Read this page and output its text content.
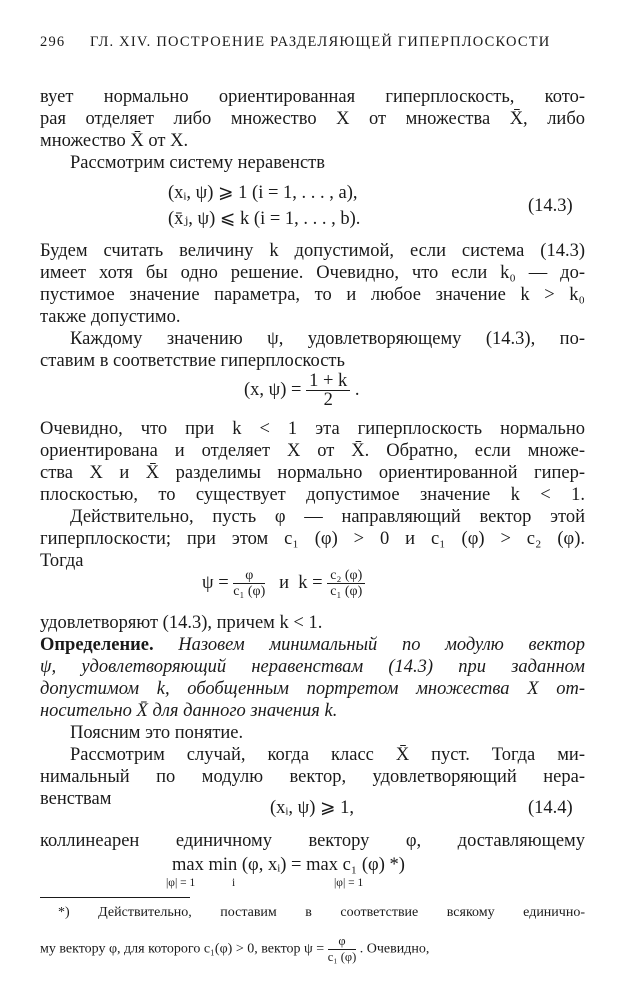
296 ГЛ. XIV. ПОСТРОЕНИЕ РАЗДЕЛЯЮЩЕЙ ГИПЕРПЛОСКОСТИ
вует нормально ориентированная гиперплоскость, кото-
рая отделяет либо множество X от множества X̄, либо
множество X̄ от X.
Рассмотрим систему неравенств
(xᵢ, ψ) ⩾ 1 (i = 1, . . . , a),
(x̄ⱼ, ψ) ⩽ k (i = 1, . . . , b).
(14.3)
Будем считать величину k допустимой, если система (14.3)
имеет хотя бы одно решение. Очевидно, что если k₀ — до-
пустимое значение параметра, то и любое значение k > k₀
также допустимо.
Каждому значению ψ, удовлетворяющему (14.3), по-
ставим в соответствие гиперплоскость
(x, $\psi) = \frac{1 + k}{2}$ .
Очевидно, что при k < 1 эта гиперплоскость нормально
ориентирована и отделяет X от X̄. Обратно, если множе-
ства X и X̄ разделимы нормально ориентированной гипер-
плоскостью, то существует допустимое значение k < 1.
Действительно, пусть φ — направляющий вектор этой
гиперплоскости; при этом c₁ (φ) > 0 и c₁ (φ) > c₂ (φ).
Тогда
$\psi = \frac{\varphi}{\text{c₁ (φ)}}$ и $k = \frac{\text{c₂ (φ)}}{\text{c₁ (φ)}}$
удовлетворяют (14.3), причем k < 1.
Определение. Назовем минимальный по модулю вектор
ψ, удовлетворяющий неравенствам (14.3) при заданном
допустимом k, обобщенным портретом множества X от-
носительно X̄ для данного значения k.
Поясним это понятие.
Рассмотрим случай, когда класс X̄ пуст. Тогда ми-
нимальный по модулю вектор, удовлетворяющий нера-
венствам	(xᵢ, ψ) ⩾ 1,	(14.4)
коллинеарен единичному вектору φ, доставляющему
max min (φ, xᵢ) = max c₁ (φ) *)
|φ| = 1	i	|φ| = 1
*) Действительно, поставим в соответствие всякому единично-
му вектору φ, для которого c₁(φ) > 0, вектор $\psi = \frac{\varphi}{\text{c₁ (φ)}}$ . Очевидно,
